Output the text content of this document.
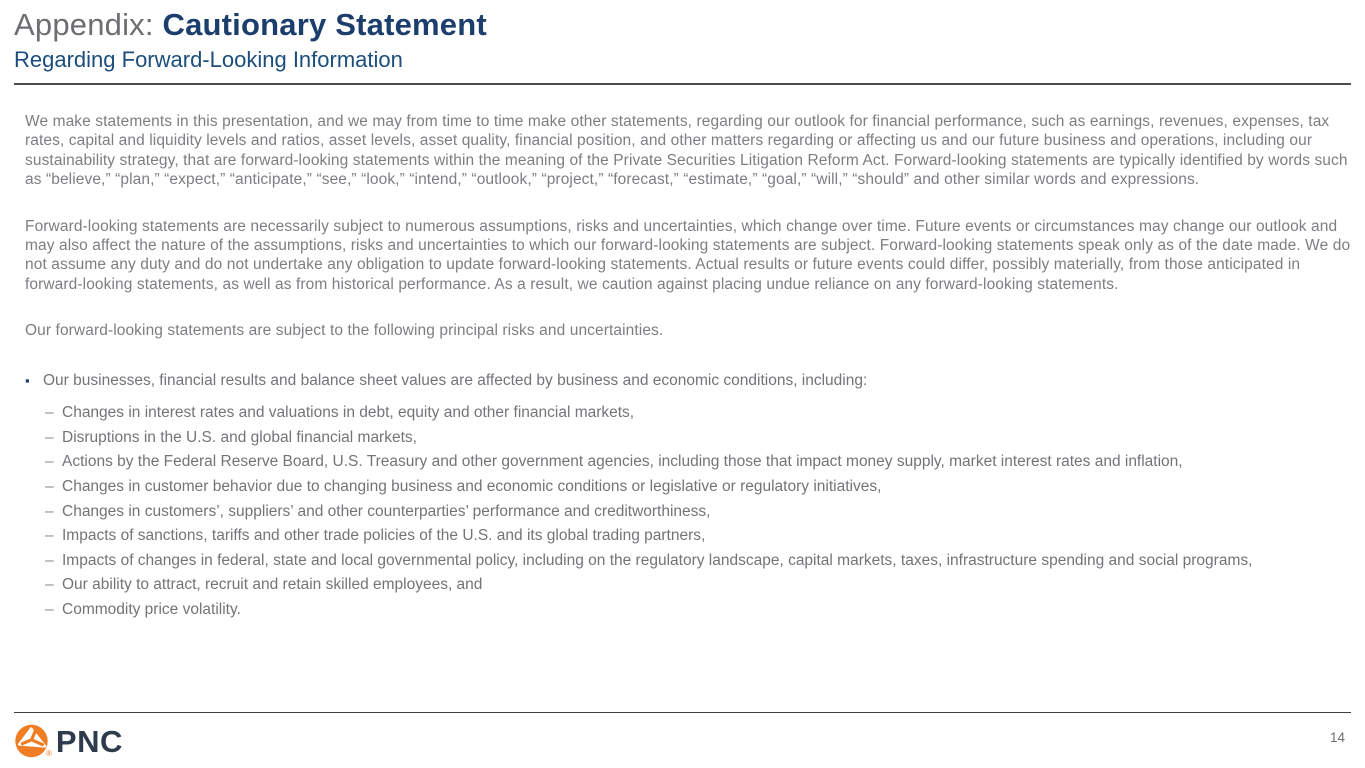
Appendix: Cautionary Statement
Regarding Forward-Looking Information

We make statements in this presentation, and we may from time to time make other statements, regarding our outlook for financial performance, such as earnings, revenues, expenses, tax rates, capital and liquidity levels and ratios, asset levels, asset quality, financial position, and other matters regarding or affecting us and our future business and operations, including our sustainability strategy, that are forward-looking statements within the meaning of the Private Securities Litigation Reform Act. Forward-looking statements are typically identified by words such as “believe,” “plan,” “expect,” “anticipate,” “see,” “look,” “intend,” “outlook,” “project,” “forecast,” “estimate,” “goal,” “will,” “should” and other similar words and expressions.

Forward-looking statements are necessarily subject to numerous assumptions, risks and uncertainties, which change over time. Future events or circumstances may change our outlook and may also affect the nature of the assumptions, risks and uncertainties to which our forward-looking statements are subject. Forward-looking statements speak only as of the date made. We do not assume any duty and do not undertake any obligation to update forward-looking statements. Actual results or future events could differ, possibly materially, from those anticipated in forward-looking statements, as well as from historical performance. As a result, we caution against placing undue reliance on any forward-looking statements.

Our forward-looking statements are subject to the following principal risks and uncertainties.

▪ Our businesses, financial results and balance sheet values are affected by business and economic conditions, including:
– Changes in interest rates and valuations in debt, equity and other financial markets,
– Disruptions in the U.S. and global financial markets,
– Actions by the Federal Reserve Board, U.S. Treasury and other government agencies, including those that impact money supply, market interest rates and inflation,
– Changes in customer behavior due to changing business and economic conditions or legislative or regulatory initiatives,
– Changes in customers’, suppliers’ and other counterparties’ performance and creditworthiness,
– Impacts of sanctions, tariffs and other trade policies of the U.S. and its global trading partners,
– Impacts of changes in federal, state and local governmental policy, including on the regulatory landscape, capital markets, taxes, infrastructure spending and social programs,
– Our ability to attract, recruit and retain skilled employees, and
– Commodity price volatility.
® PNC	14
